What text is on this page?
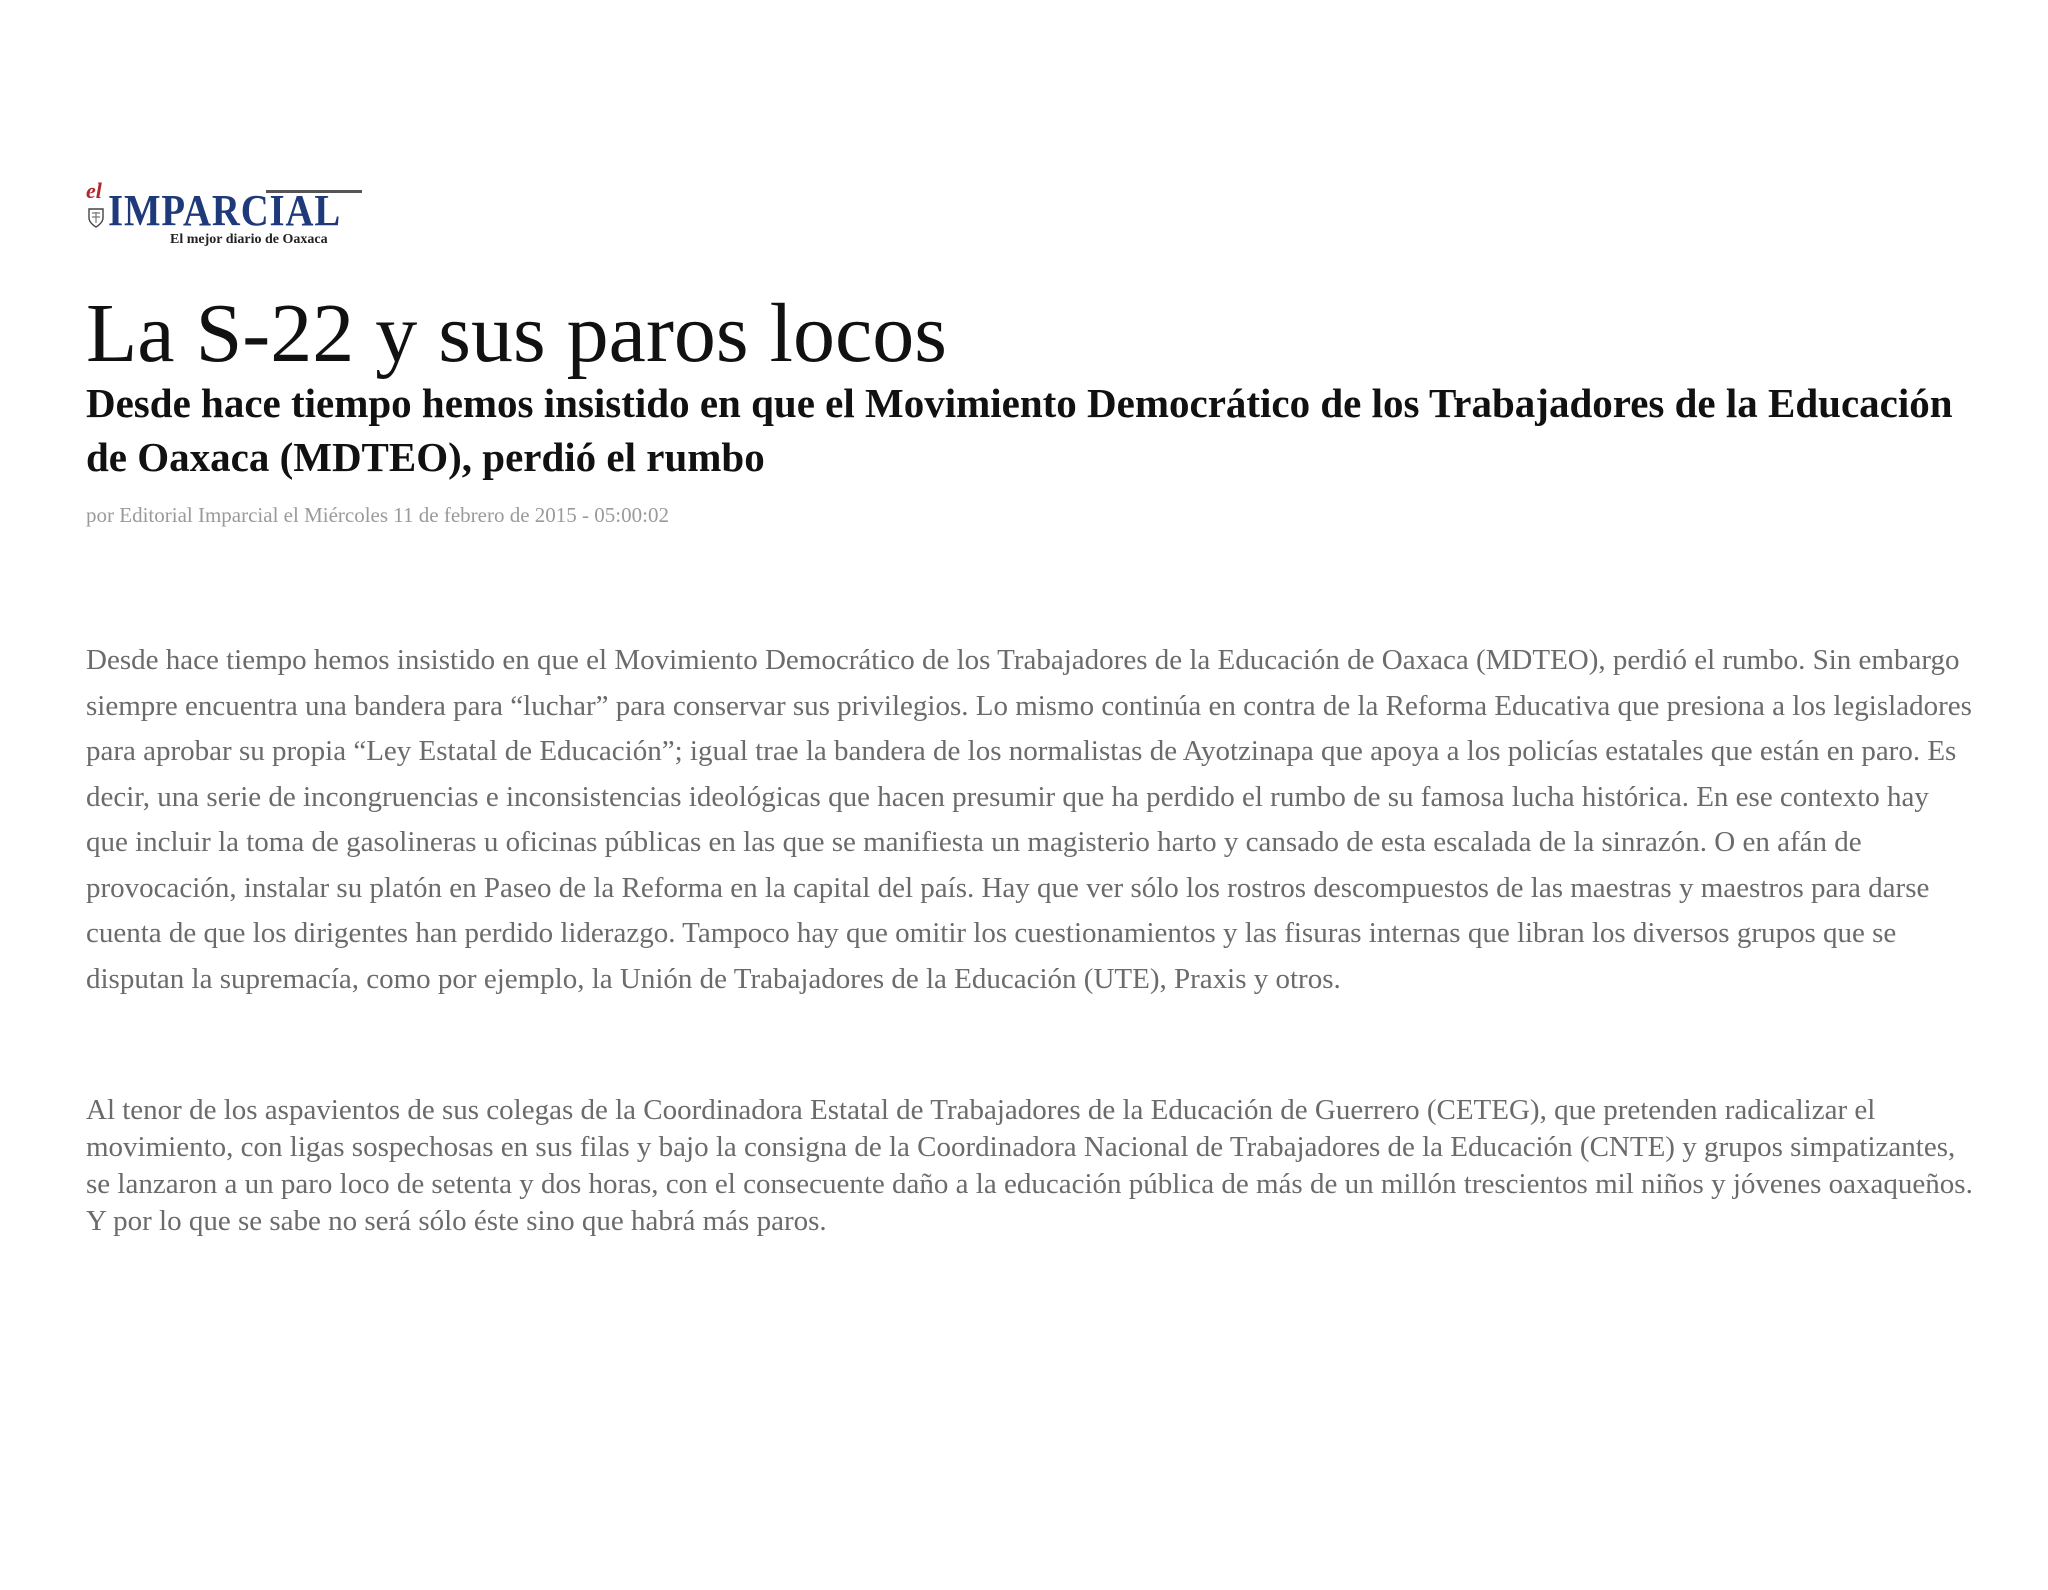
el IMPARCIAL
El mejor diario de Oaxaca
La S-22 y sus paros locos
Desde hace tiempo hemos insistido en que el Movimiento Democrático de los Trabajadores de la Educación de Oaxaca (MDTEO), perdió el rumbo

por Editorial Imparcial el Miércoles 11 de febrero de 2015 - 05:00:02

Desde hace tiempo hemos insistido en que el Movimiento Democrático de los Trabajadores de la Educación de Oaxaca (MDTEO), perdió el rumbo. Sin embargo siempre encuentra una bandera para “luchar” para conservar sus privilegios. Lo mismo continúa en contra de la Reforma Educativa que presiona a los legisladores para aprobar su propia “Ley Estatal de Educación”; igual trae la bandera de los normalistas de Ayotzinapa que apoya a los policías estatales que están en paro. Es decir, una serie de incongruencias e inconsistencias ideológicas que hacen presumir que ha perdido el rumbo de su famosa lucha histórica. En ese contexto hay que incluir la toma de gasolineras u oficinas públicas en las que se manifiesta un magisterio harto y cansado de esta escalada de la sinrazón. O en afán de provocación, instalar su platón en Paseo de la Reforma en la capital del país. Hay que ver sólo los rostros descompuestos de las maestras y maestros para darse cuenta de que los dirigentes han perdido liderazgo. Tampoco hay que omitir los cuestionamientos y las fisuras internas que libran los diversos grupos que se disputan la supremacía, como por ejemplo, la Unión de Trabajadores de la Educación (UTE), Praxis y otros.

Al tenor de los aspavientos de sus colegas de la Coordinadora Estatal de Trabajadores de la Educación de Guerrero (CETEG), que pretenden radicalizar el movimiento, con ligas sospechosas en sus filas y bajo la consigna de la Coordinadora Nacional de Trabajadores de la Educación (CNTE) y grupos simpatizantes, se lanzaron a un paro loco de setenta y dos horas, con el consecuente daño a la educación pública de más de un millón trescientos mil niños y jóvenes oaxaqueños. Y por lo que se sabe no será sólo éste sino que habrá más paros.
